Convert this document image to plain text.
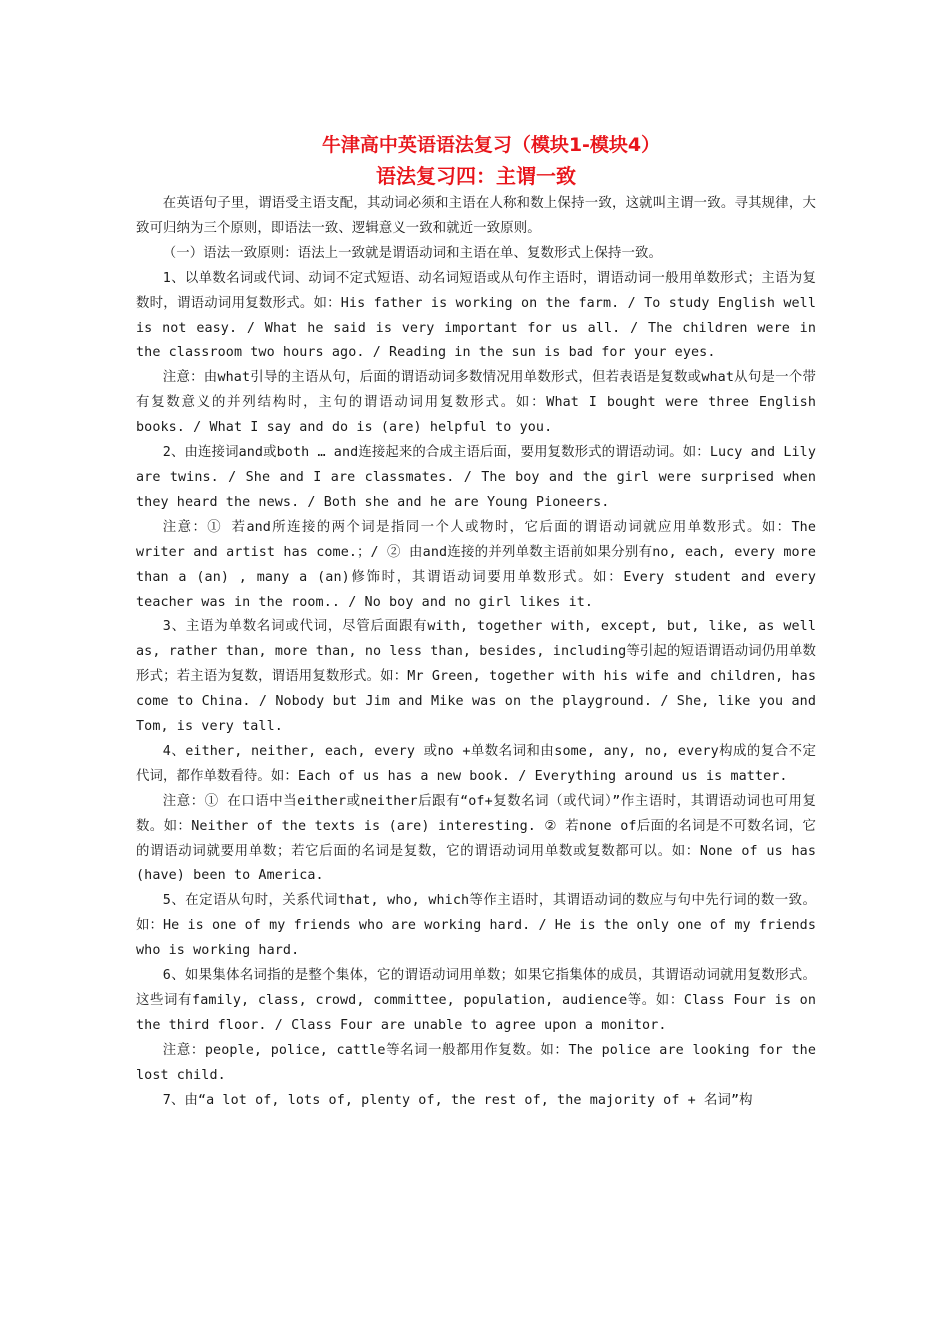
牛津高中英语语法复习（模块1-模块4）
语法复习四：主谓一致

在英语句子里，谓语受主语支配，其动词必须和主语在人称和数上保持一致，这就叫主谓一致。寻其规律，大致可归纳为三个原则，即语法一致、逻辑意义一致和就近一致原则。

（一）语法一致原则：语法上一致就是谓语动词和主语在单、复数形式上保持一致。

1、以单数名词或代词、动词不定式短语、动名词短语或从句作主语时，谓语动词一般用单数形式；主语为复数时，谓语动词用复数形式。如：His father is working on the farm. / To study English well is not easy. / What he said is very important for us all. / The children were in the classroom two hours ago. / Reading in the sun is bad for your eyes.

注意：由what引导的主语从句，后面的谓语动词多数情况用单数形式，但若表语是复数或what从句是一个带有复数意义的并列结构时，主句的谓语动词用复数形式。如：What I bought were three English books. / What I say and do is (are) helpful to you.

2、由连接词and或both … and连接起来的合成主语后面，要用复数形式的谓语动词。如：Lucy and Lily are twins. / She and I are classmates. / The boy and the girl were surprised when they heard the news. / Both she and he are Young Pioneers.

注意：① 若and所连接的两个词是指同一个人或物时，它后面的谓语动词就应用单数形式。如：The writer and artist has come.；/ ② 由and连接的并列单数主语前如果分别有no, each, every more than a (an) , many a (an)修饰时，其谓语动词要用单数形式。如：Every student and every teacher was in the room.. / No boy and no girl likes it.

3、主语为单数名词或代词，尽管后面跟有with, together with, except, but, like, as well as, rather than, more than, no less than, besides, including等引起的短语谓语动词仍用单数形式；若主语为复数，谓语用复数形式。如：Mr Green, together with his wife and children, has come to China. / Nobody but Jim and Mike was on the playground. / She, like you and Tom, is very tall.

4、either, neither, each, every 或no +单数名词和由some, any, no, every构成的复合不定代词，都作单数看待。如：Each of us has a new book. / Everything around us is matter.

注意：① 在口语中当either或neither后跟有“of+复数名词（或代词）”作主语时，其谓语动词也可用复数。如：Neither of the texts is (are) interesting. ② 若none of后面的名词是不可数名词，它的谓语动词就要用单数；若它后面的名词是复数，它的谓语动词用单数或复数都可以。如：None of us has (have) been to America.

5、在定语从句时，关系代词that, who, which等作主语时，其谓语动词的数应与句中先行词的数一致。如：He is one of my friends who are working hard. / He is the only one of my friends who is working hard.

6、如果集体名词指的是整个集体，它的谓语动词用单数；如果它指集体的成员，其谓语动词就用复数形式。这些词有family, class, crowd, committee, population, audience等。如：Class Four is on the third floor. / Class Four are unable to agree upon a monitor.

注意：people, police, cattle等名词一般都用作复数。如：The police are looking for the lost child.

7、由“a lot of, lots of, plenty of, the rest of, the majority of + 名词”构
